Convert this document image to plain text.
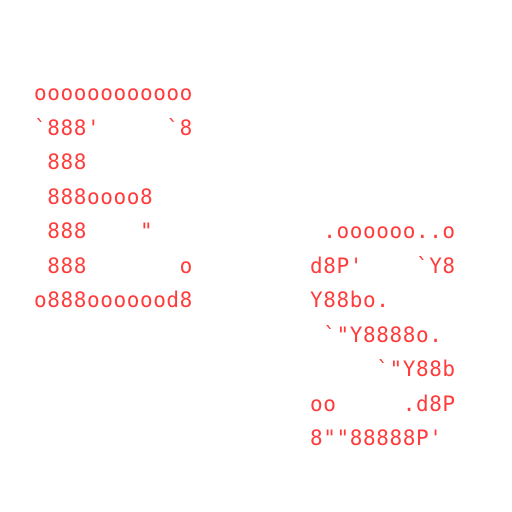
oooooooooooo
`888'     `8
888
888oooo8
888    "
888       o
o888ooooood8
.oooooo..o
d8P'    `Y8
Y88bo.
`"Y8888o.
`"Y88b
oo     .d8P
8""88888P'
